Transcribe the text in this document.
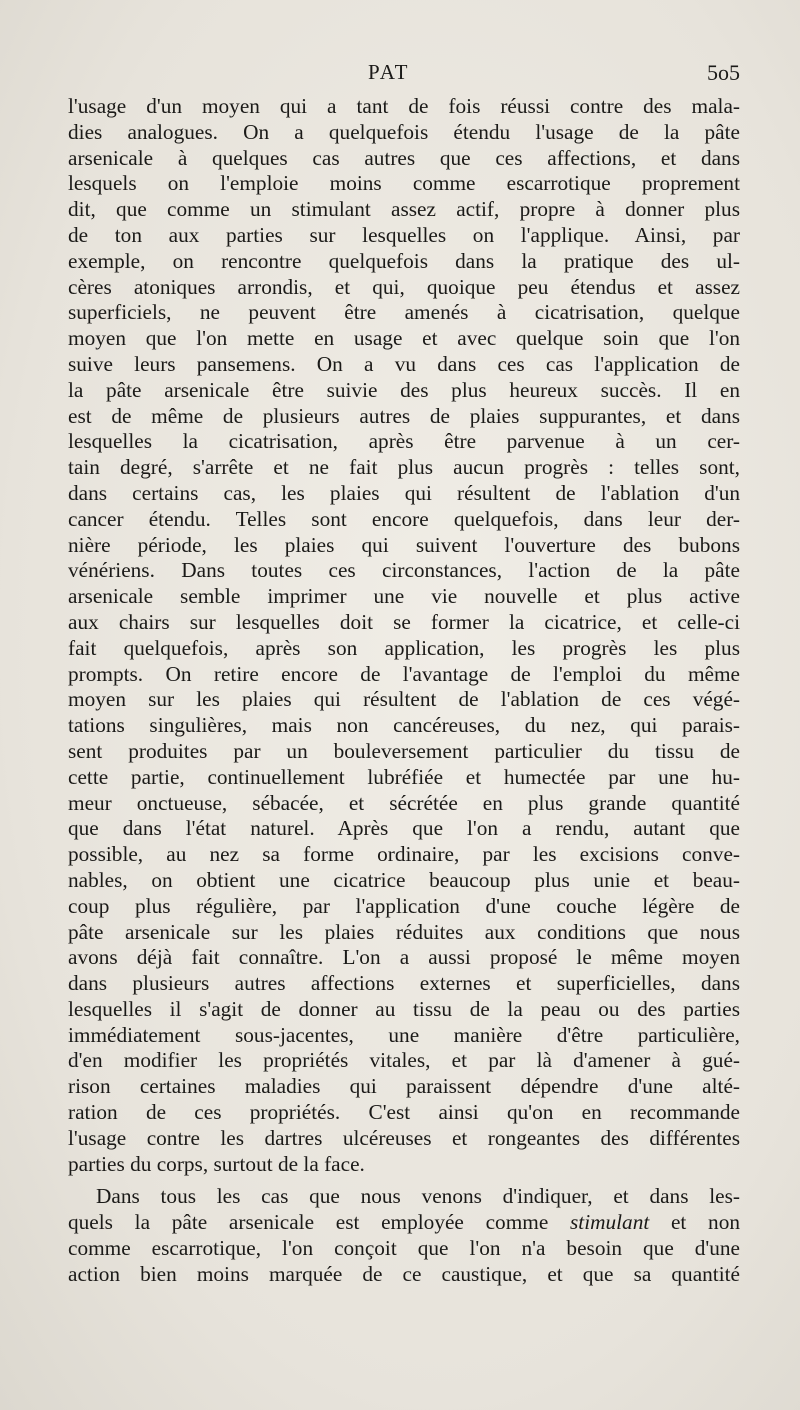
PAT	5o5
l'usage d'un moyen qui a tant de fois réussi contre des mala-
dies analogues. On a quelquefois étendu l'usage de la pâte
arsenicale à quelques cas autres que ces affections, et dans
lesquels on l'emploie moins comme escarrotique proprement
dit, que comme un stimulant assez actif, propre à donner plus
de ton aux parties sur lesquelles on l'applique. Ainsi, par
exemple, on rencontre quelquefois dans la pratique des ul-
cères atoniques arrondis, et qui, quoique peu étendus et assez
superficiels, ne peuvent être amenés à cicatrisation, quelque
moyen que l'on mette en usage et avec quelque soin que l'on
suive leurs pansemens. On a vu dans ces cas l'application de
la pâte arsenicale être suivie des plus heureux succès. Il en
est de même de plusieurs autres de plaies suppurantes, et dans
lesquelles la cicatrisation, après être parvenue à un cer-
tain degré, s'arrête et ne fait plus aucun progrès : telles sont,
dans certains cas, les plaies qui résultent de l'ablation d'un
cancer étendu. Telles sont encore quelquefois, dans leur der-
nière période, les plaies qui suivent l'ouverture des bubons
vénériens. Dans toutes ces circonstances, l'action de la pâte
arsenicale semble imprimer une vie nouvelle et plus active
aux chairs sur lesquelles doit se former la cicatrice, et celle-ci
fait quelquefois, après son application, les progrès les plus
prompts. On retire encore de l'avantage de l'emploi du même
moyen sur les plaies qui résultent de l'ablation de ces végé-
tations singulières, mais non cancéreuses, du nez, qui parais-
sent produites par un bouleversement particulier du tissu de
cette partie, continuellement lubréfiée et humectée par une hu-
meur onctueuse, sébacée, et sécrétée en plus grande quantité
que dans l'état naturel. Après que l'on a rendu, autant que
possible, au nez sa forme ordinaire, par les excisions conve-
nables, on obtient une cicatrice beaucoup plus unie et beau-
coup plus régulière, par l'application d'une couche légère de
pâte arsenicale sur les plaies réduites aux conditions que nous
avons déjà fait connaître. L'on a aussi proposé le même moyen
dans plusieurs autres affections externes et superficielles, dans
lesquelles il s'agit de donner au tissu de la peau ou des parties
immédiatement sous-jacentes, une manière d'être particulière,
d'en modifier les propriétés vitales, et par là d'amener à gué-
rison certaines maladies qui paraissent dépendre d'une alté-
ration de ces propriétés. C'est ainsi qu'on en recommande
l'usage contre les dartres ulcéreuses et rongeantes des différentes
parties du corps, surtout de la face.
Dans tous les cas que nous venons d'indiquer, et dans les-
quels la pâte arsenicale est employée comme stimulant et non
comme escarrotique, l'on conçoit que l'on n'a besoin que d'une
action bien moins marquée de ce caustique, et que sa quantité
